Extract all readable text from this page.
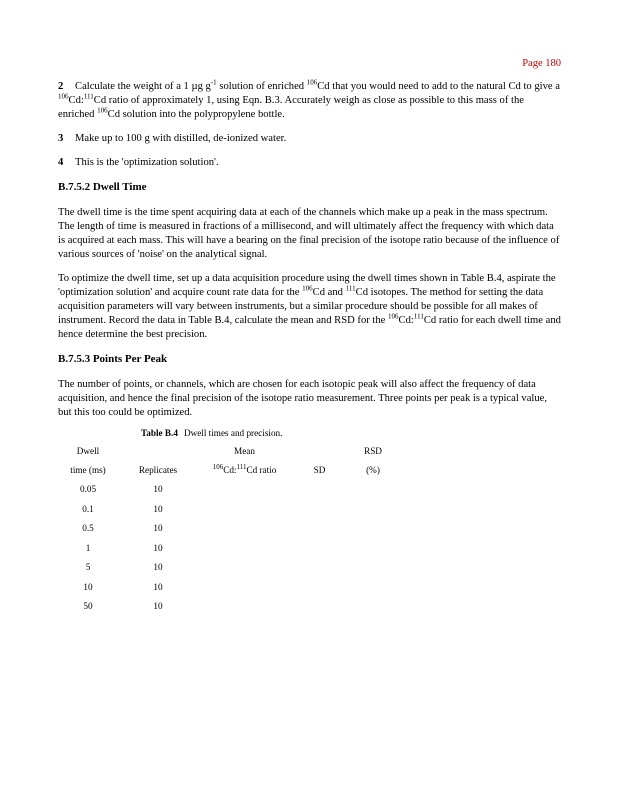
Page 180
2 Calculate the weight of a 1 µg $g^{-1}$ solution of enriched $^{106}$Cd that you would need to add to the natural Cd to give a $^{106}$Cd:$^{111}$Cd ratio of approximately 1, using Eqn. B.3. Accurately weigh as close as possible to this mass of the enriched $^{106}$Cd solution into the polypropylene bottle.
3 Make up to 100 g with distilled, de-ionized water.
4 This is the 'optimization solution'.
B.7.5.2 Dwell Time

The dwell time is the time spent acquiring data at each of the channels which make up a peak in the mass spectrum. The length of time is measured in fractions of a millisecond, and will ultimately affect the frequency with which data is acquired at each mass. This will have a bearing on the final precision of the isotope ratio because of the influence of various sources of 'noise' on the analytical signal.

To optimize the dwell time, set up a data acquisition procedure using the dwell times shown in Table B.4, aspirate the 'optimization solution' and acquire count rate data for the $^{106}$Cd and $^{111}$Cd isotopes. The method for setting the data acquisition parameters will vary between instruments, but a similar procedure should be possible for all makes of instrument. Record the data in Table B.4, calculate the mean and RSD for the $^{106}$Cd:$^{111}$Cd ratio for each dwell time and hence determine the best precision.

B.7.5.3 Points Per Peak

The number of points, or channels, which are chosen for each isotopic peak will also affect the frequency of data acquisition, and hence the final precision of the isotope ratio measurement. Three points per peak is a typical value, but this too could be optimized.

Table B.4 Dwell times and precision.
Dwell		Mean		RSD
time (ms)	Replicates	$^{106}$Cd:$^{111}$Cd ratio	SD	(%)
0.05	10			
0.1	10			
0.5	10			
1	10			
5	10			
10	10			
50	10			
